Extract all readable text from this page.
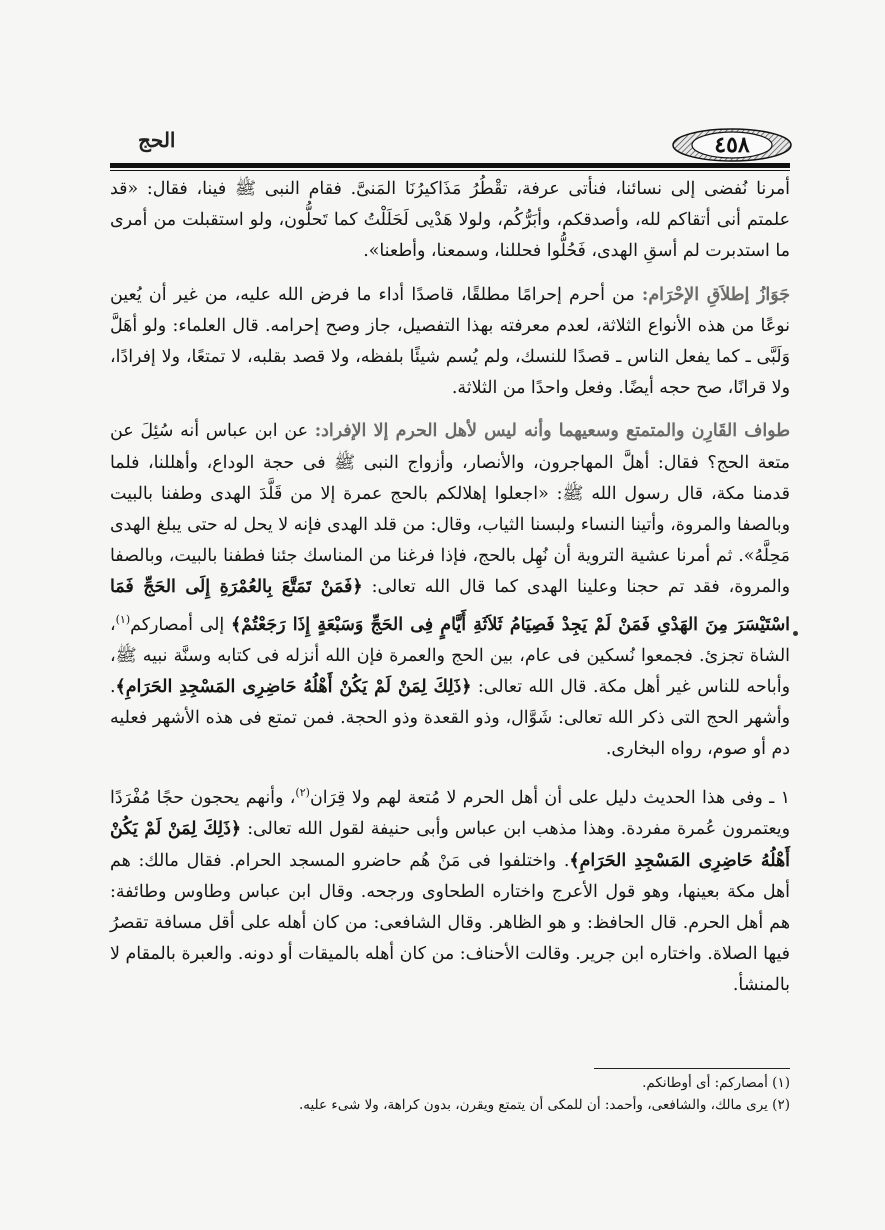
الحج	٤٥٨

أمرنا نُفضى إلى نسائنا، فنأتى عرفة، تقْطُرُ مَذَاكيرُنَا المَنىَّ. فقام النبى ﷺ فينا، فقال: «قد علمتم أنى أتقاكم لله، وأصدقكم، وأبَرُّكُم، ولولا هَدْيى لَحَلَلْتُ كما تَحلُّون، ولو استقبلت من أمرى ما استدبرت لم أسقِ الهدى، فَحُلُّوا فحللنا، وسمعنا، وأطعنا».

جَوَازُ إطلاَقِ الإحْرَام: من أحرم إحرامًا مطلقًا، قاصدًا أداء ما فرض الله عليه، من غير أن يُعين نوعًا من هذه الأنواع الثلاثة، لعدم معرفته بهذا التفصيل، جاز وصح إحرامه. قال العلماء: ولو أهَلَّ وَلَبَّى ـ كما يفعل الناس ـ قصدًا للنسك، ولم يُسم شيئًا بلفظه، ولا قصد بقلبه، لا تمتعًا، ولا إفرادًا، ولا قرانًا، صح حجه أيضًا. وفعل واحدًا من الثلاثة.

طواف القَارِن والمتمتع وسعيهما وأنه ليس لأهل الحرم إلا الإفراد: عن ابن عباس أنه سُئِلَ عن متعة الحج؟ فقال: أهلَّ المهاجرون، والأنصار، وأزواج النبى ﷺ فى حجة الوداع، وأهللنا، فلما قدمنا مكة، قال رسول الله ﷺ: «اجعلوا إهلالكم بالحج عمرة إلا من قَلَّدَ الهدى وطفنا بالبيت وبالصفا والمروة، وأتينا النساء ولبسنا الثياب، وقال: من قلد الهدى فإنه لا يحل له حتى يبلغ الهدى مَحِلَّهُ». ثم أمرنا عشية التروية أن نُهِل بالحج، فإذا فرغنا من المناسك جئنا فطفنا بالبيت، وبالصفا والمروة، فقد تم حجنا وعلينا الهدى كما قال الله تعالى: ﴿فَمَنْ تَمَتَّعَ بِالعُمْرَةِ إِلَى الحَجِّ فَمَا اسْتَيْسَرَ مِنَ الهَدْىِ فَمَنْ لَمْ يَجِدْ فَصِيَامُ ثَلاَثَةِ أَيَّامٍ فِى الحَجِّ وَسَبْعَةٍ إِذَا رَجَعْتُمْ﴾ إلى أمصاركم$^{(١)}$، الشاة تجزئ. فجمعوا نُسكين فى عام، بين الحج والعمرة فإن الله أنزله فى كتابه وسنَّة نبيه ﷺ، وأباحه للناس غير أهل مكة. قال الله تعالى: ﴿ذَلِكَ لِمَنْ لَمْ يَكُنْ أَهْلُهُ حَاضِرِى المَسْجِدِ الحَرَامِ﴾. وأشهر الحج التى ذكر الله تعالى: شَوَّال، وذو القعدة وذو الحجة. فمن تمتع فى هذه الأشهر فعليه دم أو صوم، رواه البخارى.

١ ـ وفى هذا الحديث دليل على أن أهل الحرم لا مُتعة لهم ولا قِرَان$^{(٢)}$، وأنهم يحجون حجًا مُفْرَدًا ويعتمرون عُمرة مفردة. وهذا مذهب ابن عباس وأبى حنيفة لقول الله تعالى: ﴿ذَلِكَ لِمَنْ لَمْ يَكُنْ أَهْلُهُ حَاضِرِى المَسْجِدِ الحَرَامِ﴾. واختلفوا فى مَنْ هُم حاضرو المسجد الحرام. فقال مالك: هم أهل مكة بعينها، وهو قول الأعرج واختاره الطحاوى ورجحه. وقال ابن عباس وطاوس وطائفة: هم أهل الحرم. قال الحافظ: و هو الظاهر. وقال الشافعى: من كان أهله على أقل مسافة تقصرُ فيها الصلاة. واختاره ابن جرير. وقالت الأحناف: من كان أهله بالميقات أو دونه. والعبرة بالمقام لا بالمنشأ.

(١) أمصاركم: أى أوطانكم.

(٢) يرى مالك، والشافعى، وأحمد: أن للمكى أن يتمتع ويقرن، بدون كراهة، ولا شىء عليه.
